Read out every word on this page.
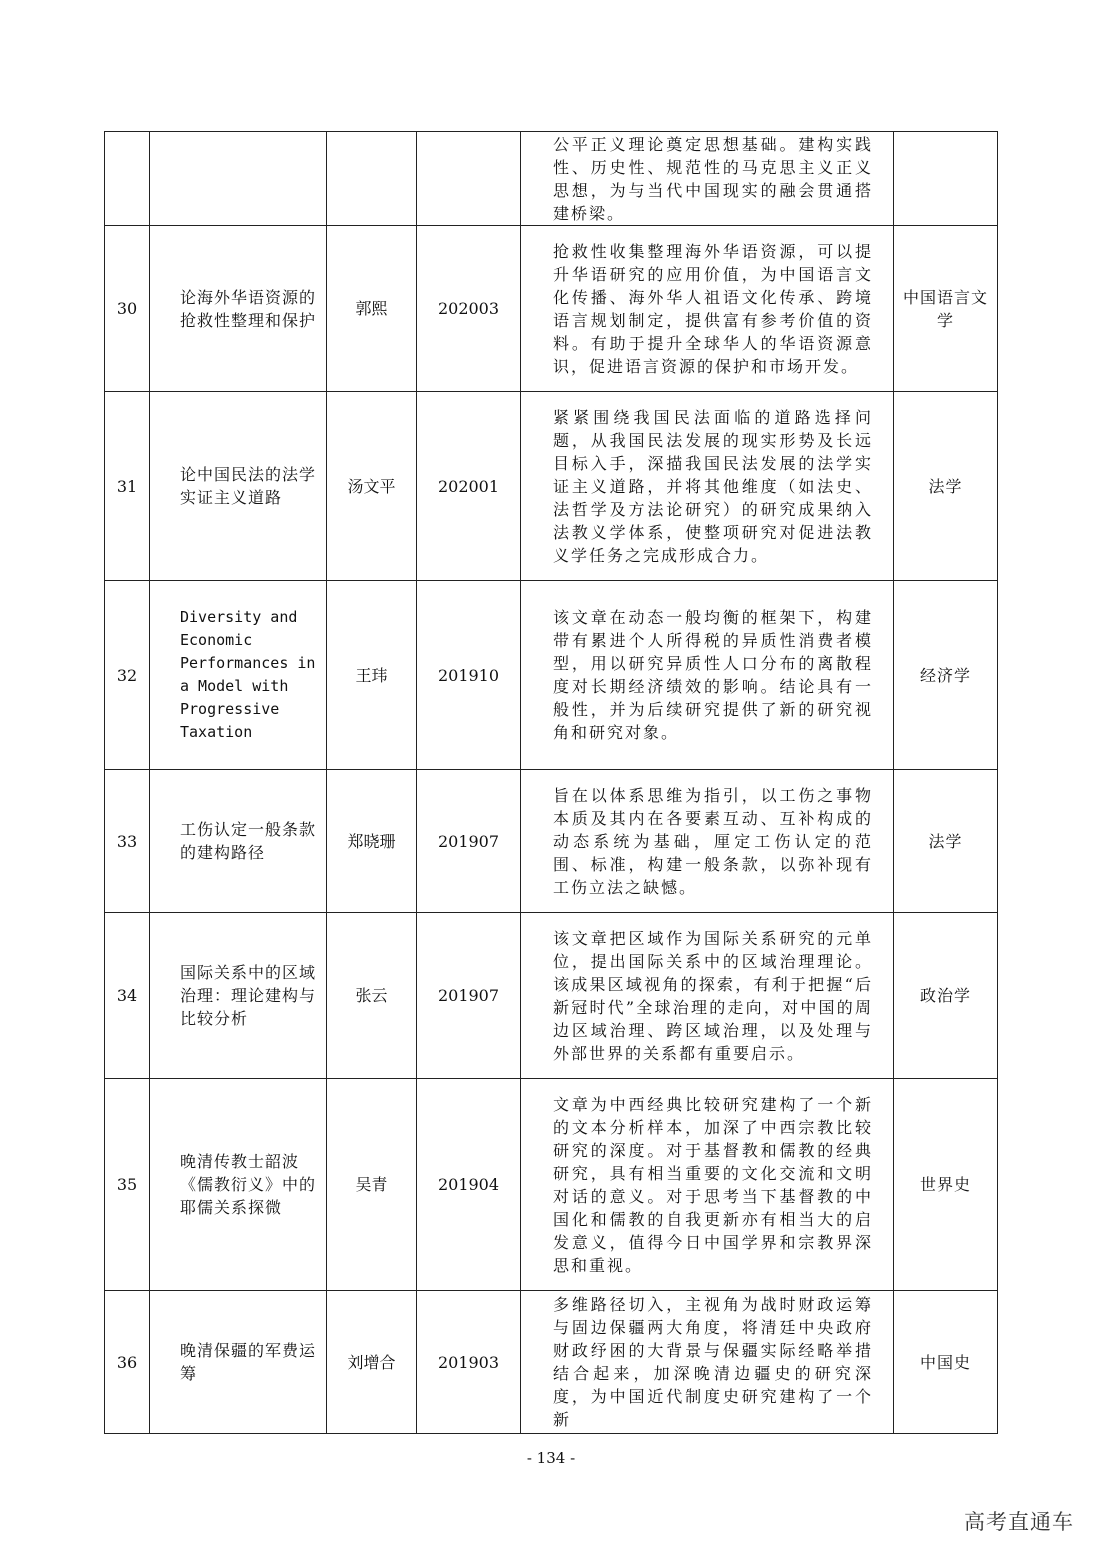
				公平正义理论奠定思想基础。建构实践性、历史性、规范性的马克思主义正义思想，为与当代中国现实的融会贯通搭建桥梁。	
30	论海外华语资源的抢救性整理和保护	郭熙	202003	抢救性收集整理海外华语资源，可以提升华语研究的应用价值，为中国语言文化传播、海外华人祖语文化传承、跨境语言规划制定，提供富有参考价值的资料。有助于提升全球华人的华语资源意识，促进语言资源的保护和市场开发。	中国语言文学
31	论中国民法的法学　实证主义道路	汤文平	202001	紧紧围绕我国民法面临的道路选择问题，从我国民法发展的现实形势及长远目标入手，深描我国民法发展的法学实证主义道路，并将其他维度（如法史、法哲学及方法论研究）的研究成果纳入法教义学体系，使整项研究对促进法教义学任务之完成形成合力。	法学
32	Diversity and Economic Performances in a Model with Progressive Taxation	王玮	201910	该文章在动态一般均衡的框架下，构建带有累进个人所得税的异质性消费者模型，用以研究异质性人口分布的离散程度对长期经济绩效的影响。结论具有一般性，并为后续研究提供了新的研究视角和研究对象。	经济学
33	工伤认定一般条款的建构路径	郑晓珊	201907	旨在以体系思维为指引，以工伤之事物本质及其内在各要素互动、互补构成的动态系统为基础，厘定工伤认定的范围、标准，构建一般条款，以弥补现有工伤立法之缺憾。	法学
34	国际关系中的区域治理：理论建构与比较分析	张云	201907	该文章把区域作为国际关系研究的元单位，提出国际关系中的区域治理理论。该成果区域视角的探索，有利于把握“后新冠时代”全球治理的走向，对中国的周边区域治理、跨区域治理，以及处理与外部世界的关系都有重要启示。	政治学
35	晚清传教士韶波《儒教衍义》中的耶儒关系探微	吴青	201904	文章为中西经典比较研究建构了一个新的文本分析样本，加深了中西宗教比较研究的深度。对于基督教和儒教的经典研究，具有相当重要的文化交流和文明对话的意义。对于思考当下基督教的中国化和儒教的自我更新亦有相当大的启发意义，值得今日中国学界和宗教界深思和重视。	世界史
36	晚清保疆的军费运筹	刘增合	201903	多维路径切入，主视角为战时财政运筹与固边保疆两大角度，将清廷中央政府财政纾困的大背景与保疆实际经略举措结合起来，加深晚清边疆史的研究深度，为中国近代制度史研究建构了一个新	中国史
- 134 -
高考直通车
